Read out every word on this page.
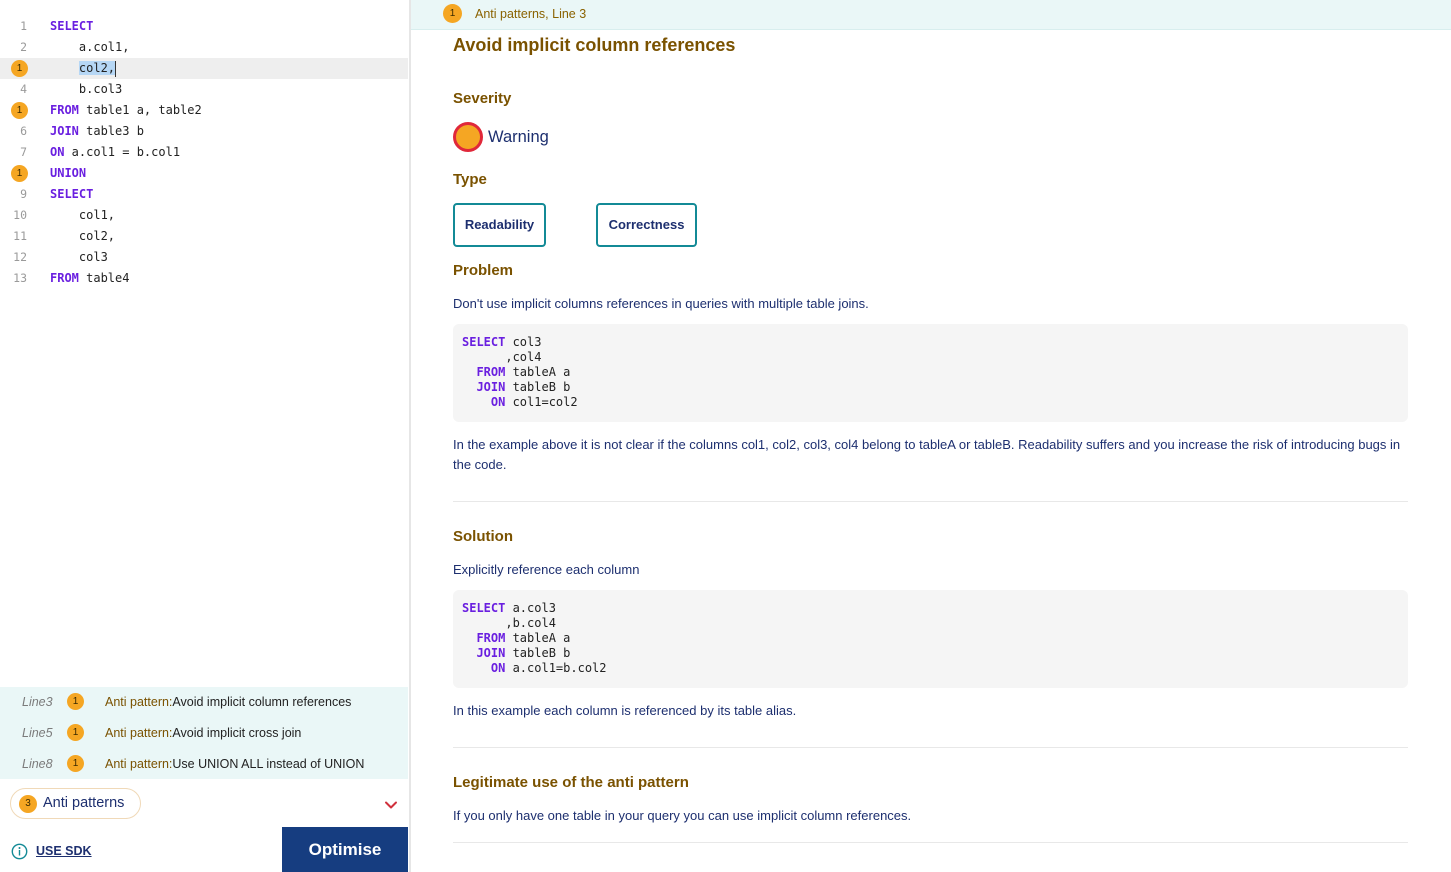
1 SELECT
2 a.col1,
1	col2,
4 b.col3
1	FROM table1 a, table2
6 JOIN table3 b
7 ON a.col1 = b.col1
1	UNION
9 SELECT
10 col1,
11 col2,
12 col3
13 FROM table4
Line3	1	Anti pattern:Avoid implicit column references
Line5	1	Anti pattern:Avoid implicit cross join
Line8	1	Anti pattern:Use UNION ALL instead of UNION
3 Anti patterns
USE SDK	Optimise
1	Anti patterns, Line 3
Avoid implicit column references
Severity
Warning
Type
Readability	Correctness
Problem
Don't use implicit columns references in queries with multiple table joins.
SELECT col3
,col4
FROM tableA a
JOIN tableB b
ON col1=col2
In the example above it is not clear if the columns col1, col2, col3, col4 belong to tableA or tableB. Readability suffers and you increase the risk of introducing bugs in the code.
Solution
Explicitly reference each column
SELECT a.col3
,b.col4
FROM tableA a
JOIN tableB b
ON a.col1=b.col2
In this example each column is referenced by its table alias.
Legitimate use of the anti pattern
If you only have one table in your query you can use implicit column references.
